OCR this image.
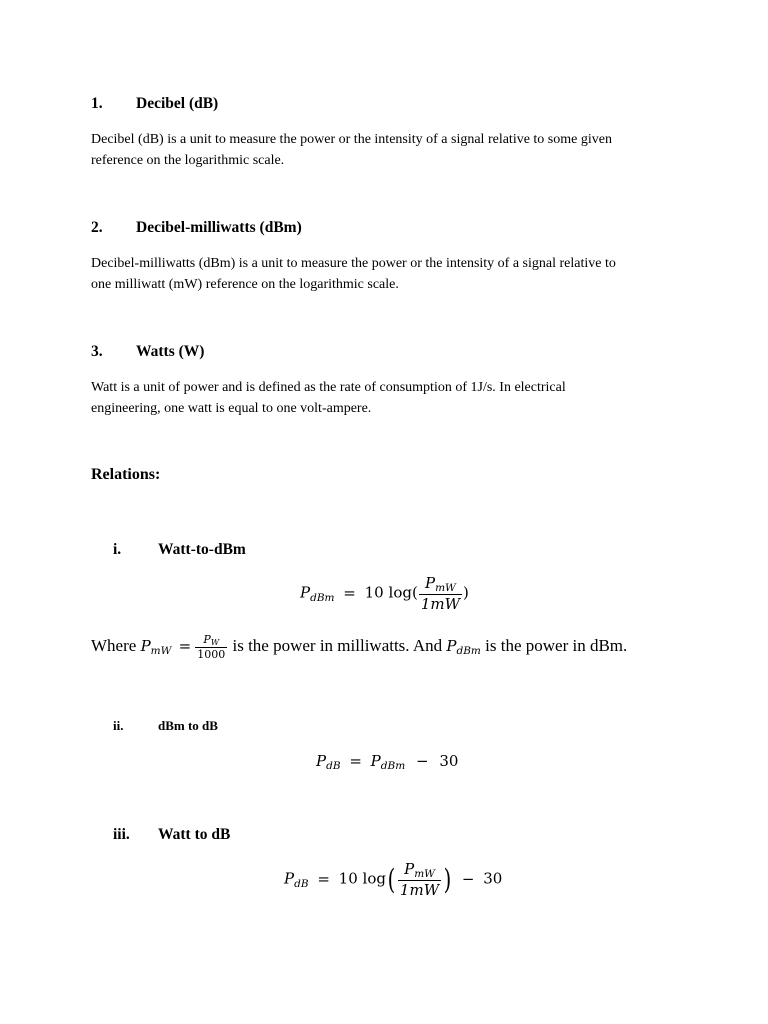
1. Decibel (dB)
Decibel (dB) is a unit to measure the power or the intensity of a signal relative to some given
reference on the logarithmic scale.
2. Decibel-milliwatts (dBm)
Decibel-milliwatts (dBm) is a unit to measure the power or the intensity of a signal relative to
one milliwatt (mW) reference on the logarithmic scale.
3. Watts (W)
Watt is a unit of power and is defined as the rate of consumption of 1J/s. In electrical
engineering, one watt is equal to one volt-ampere.
Relations:
i. Watt-to-dBm
$P_{dBm} = 10$ $\log( \frac{P_{mW}}{1mW}$ )
Where $P_{mW} = \frac{PW}{1000}$ is the power in milliwatts. And $P_{dBm}$ is the power in dBm.
ii.	dBm to dB
$P_{dB} = P_{dBm} - 30$
iii. Watt to dB
$P_{dB} = 10$ $\log( \frac{P_{mW}}{1mW}$ ) − 30
